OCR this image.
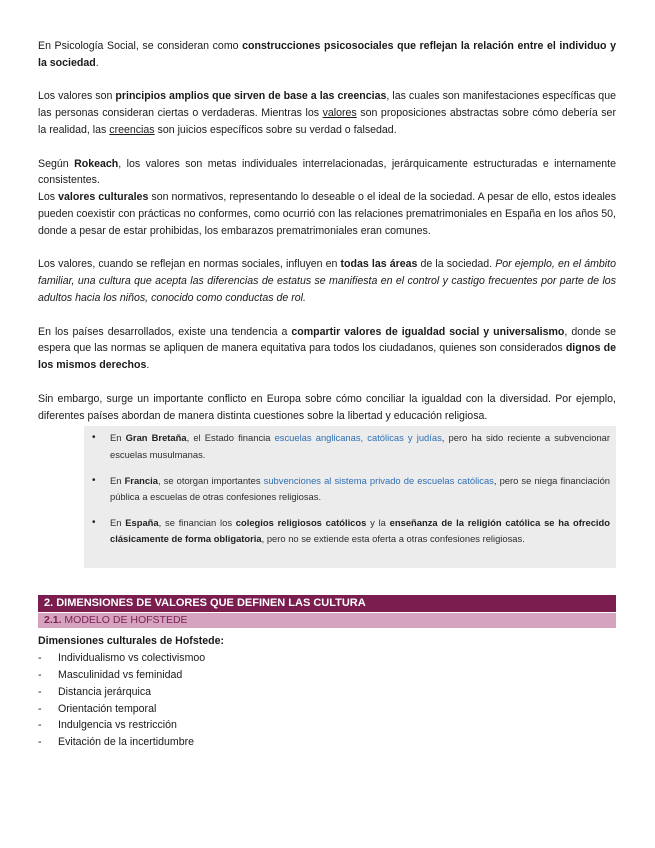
En Psicología Social, se consideran como construcciones psicosociales que reflejan la relación entre el individuo y la sociedad.

Los valores son principios amplios que sirven de base a las creencias, las cuales son manifestaciones específicas que las personas consideran ciertas o verdaderas. Mientras los valores son proposiciones abstractas sobre cómo debería ser la realidad, las creencias son juicios específicos sobre su verdad o falsedad.

Según Rokeach, los valores son metas individuales interrelacionadas, jerárquicamente estructuradas e internamente consistentes.

Los valores culturales son normativos, representando lo deseable o el ideal de la sociedad. A pesar de ello, estos ideales pueden coexistir con prácticas no conformes, como ocurrió con las relaciones prematrimoniales en España en los años 50, donde a pesar de estar prohibidas, los embarazos prematrimoniales eran comunes.

Los valores, cuando se reflejan en normas sociales, influyen en todas las áreas de la sociedad. Por ejemplo, en el ámbito familiar, una cultura que acepta las diferencias de estatus se manifiesta en el control y castigo frecuentes por parte de los adultos hacia los niños, conocido como conductas de rol.

En los países desarrollados, existe una tendencia a compartir valores de igualdad social y universalismo, donde se espera que las normas se apliquen de manera equitativa para todos los ciudadanos, quienes son considerados dignos de los mismos derechos.

Sin embargo, surge un importante conflicto en Europa sobre cómo conciliar la igualdad con la diversidad. Por ejemplo, diferentes países abordan de manera distinta cuestiones sobre la libertad y educación religiosa.

• En Gran Bretaña, el Estado financia escuelas anglicanas, católicas y judías, pero ha sido reciente a subvencionar escuelas musulmanas.
• En Francia, se otorgan importantes subvenciones al sistema privado de escuelas católicas, pero se niega financiación pública a escuelas de otras confesiones religiosas.
• En España, se financian los colegios religiosos católicos y la enseñanza de la religión católica se ha ofrecido clásicamente de forma obligatoria, pero no se extiende esta oferta a otras confesiones religiosas.
2. DIMENSIONES DE VALORES QUE DEFINEN LAS CULTURA
2.1. MODELO DE HOFSTEDE
Dimensiones culturales de Hofstede:
- Individualismo vs colectivismoo
- Masculinidad vs feminidad
- Distancia jerárquica
- Orientación temporal
- Indulgencia vs restricción
- Evitación de la incertidumbre
